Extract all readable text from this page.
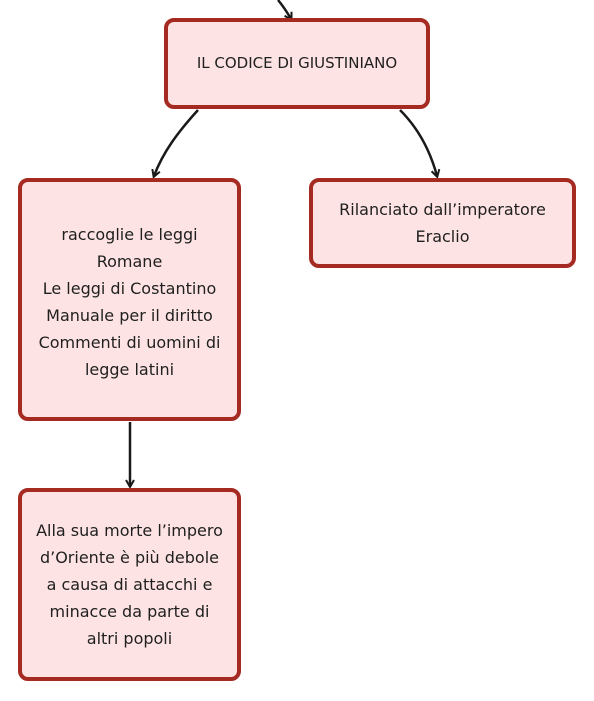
IL CODICE DI GIUSTINIANO
raccoglie le leggi
Romane
Le leggi di Costantino
Manuale per il diritto
Commenti di uomini di
legge latini
Rilanciato dall’imperatore
Eraclio
Alla sua morte l’impero
d’Oriente è più debole
a causa di attacchi e
minacce da parte di
altri popoli
